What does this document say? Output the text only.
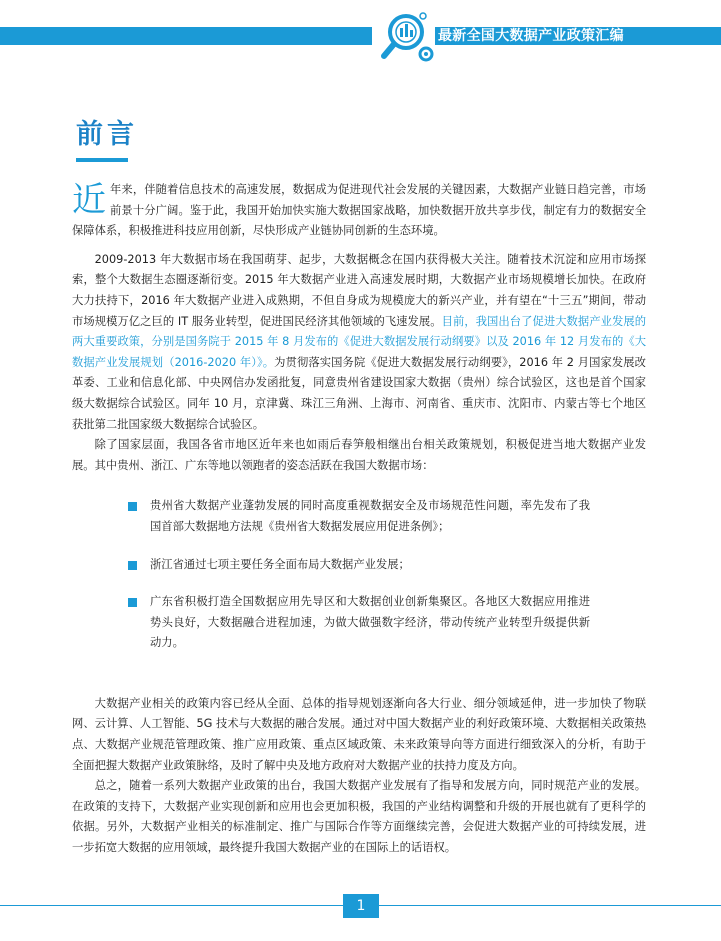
最新全国大数据产业政策汇编
前言

近年来，伴随着信息技术的高速发展，数据成为促进现代社会发展的关键因素，大数据产业链日趋完善，市场前景十分广阔。鉴于此，我国开始加快实施大数据国家战略，加快数据开放共享步伐，制定有力的数据安全保障体系，积极推进科技应用创新，尽快形成产业链协同创新的生态环境。

2009-2013 年大数据市场在我国萌芽、起步，大数据概念在国内获得极大关注。随着技术沉淀和应用市场探索，整个大数据生态圈逐渐衍变。2015 年大数据产业进入高速发展时期，大数据产业市场规模增长加快。在政府大力扶持下，2016 年大数据产业进入成熟期，不但自身成为规模庞大的新兴产业，并有望在“十三五”期间，带动市场规模万亿之巨的 IT 服务业转型，促进国民经济其他领域的飞速发展。目前，我国出台了促进大数据产业发展的两大重要政策，分别是国务院于 2015 年 8 月发布的《促进大数据发展行动纲要》以及 2016 年 12 月发布的《大数据产业发展规划（2016-2020 年）》。为贯彻落实国务院《促进大数据发展行动纲要》，2016 年 2 月国家发展改革委、工业和信息化部、中央网信办发函批复，同意贵州省建设国家大数据（贵州）综合试验区，这也是首个国家级大数据综合试验区。同年 10 月，京津冀、珠江三角洲、上海市、河南省、重庆市、沈阳市、内蒙古等七个地区获批第二批国家级大数据综合试验区。

除了国家层面，我国各省市地区近年来也如雨后春笋般相继出台相关政策规划，积极促进当地大数据产业发展。其中贵州、浙江、广东等地以领跑者的姿态活跃在我国大数据市场：

贵州省大数据产业蓬勃发展的同时高度重视数据安全及市场规范性问题，率先发布了我国首部大数据地方法规《贵州省大数据发展应用促进条例》；
浙江省通过七项主要任务全面布局大数据产业发展；
广东省积极打造全国数据应用先导区和大数据创业创新集聚区。各地区大数据应用推进势头良好，大数据融合进程加速，为做大做强数字经济，带动传统产业转型升级提供新动力。

大数据产业相关的政策内容已经从全面、总体的指导规划逐渐向各大行业、细分领域延伸，进一步加快了物联网、云计算、人工智能、5G 技术与大数据的融合发展。通过对中国大数据产业的利好政策环境、大数据相关政策热点、大数据产业规范管理政策、推广应用政策、重点区域政策、未来政策导向等方面进行细致深入的分析，有助于全面把握大数据产业政策脉络，及时了解中央及地方政府对大数据产业的扶持力度及方向。

总之，随着一系列大数据产业政策的出台，我国大数据产业发展有了指导和发展方向，同时规范产业的发展。在政策的支持下，大数据产业实现创新和应用也会更加积极，我国的产业结构调整和升级的开展也就有了更科学的依据。另外，大数据产业相关的标准制定、推广与国际合作等方面继续完善，会促进大数据产业的可持续发展，进一步拓宽大数据的应用领域，最终提升我国大数据产业的在国际上的话语权。

1
